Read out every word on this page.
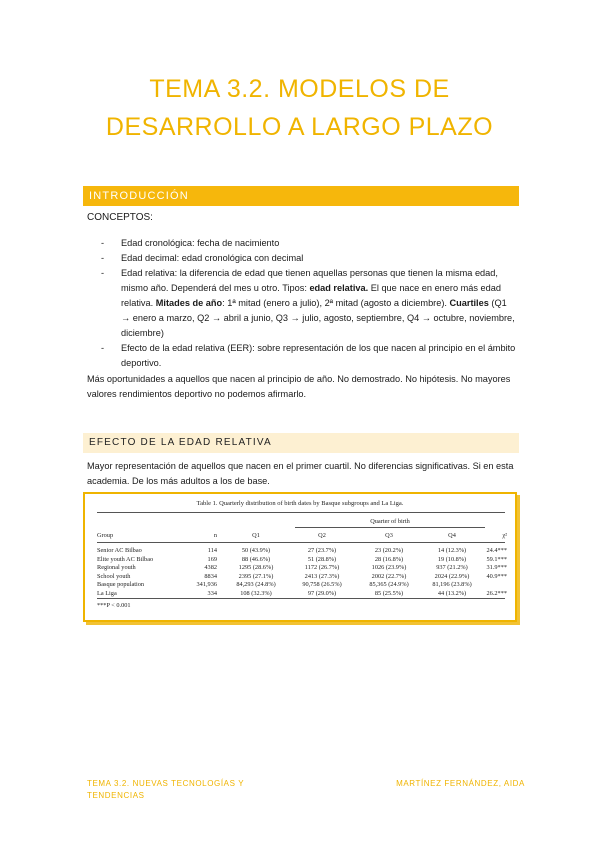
TEMA 3.2. MODELOS DE
DESARROLLO A LARGO PLAZO
INTRODUCCIÓN
CONCEPTOS:
- Edad cronológica: fecha de nacimiento
- Edad decimal: edad cronológica con decimal
- Edad relativa: la diferencia de edad que tienen aquellas personas que tienen la misma edad, mismo año. Dependerá del mes u otro. Tipos: edad relativa. El que nace en enero más edad relativa. Mitades de año: 1ª mitad (enero a julio), 2ª mitad (agosto a diciembre). Cuartiles (Q1 → enero a marzo, Q2 → abril a junio, Q3 → julio, agosto, septiembre, Q4 → octubre, noviembre, diciembre)
- Efecto de la edad relativa (EER): sobre representación de los que nacen al principio en el ámbito deportivo.
Más oportunidades a aquellos que nacen al principio de año. No demostrado. No hipótesis. No mayores valores rendimientos deportivo no podemos afirmarlo.
EFECTO DE LA EDAD RELATIVA
Mayor representación de aquellos que nacen en el primer cuartil. No diferencias significativas. Si en esta academia. De los más adultos a los de base.
Table 1. Quarterly distribution of birth dates by Basque subgroups and La Liga.
Quarter of birth
Group	n	Q1	Q2	Q3	Q4	χ²
Senior AC Bilbao	114	50 (43.9%)	27 (23.7%)	23 (20.2%)	14 (12.3%)	24.4***
Elite youth AC Bilbao	169	88 (46.6%)	51 (28.8%)	28 (16.8%)	19 (10.8%)	59.1***
Regional youth	4382	1295 (28.6%)	1172 (26.7%)	1026 (23.9%)	937 (21.2%)	31.9***
School youth	8834	2395 (27.1%)	2413 (27.3%)	2002 (22.7%)	2024 (22.9%)	40.9***
Basque population	341,936	84,293 (24.8%)	90,758 (26.5%)	85,365 (24.9%)	81,196 (23.8%)
La Liga	334	108 (32.3%)	97 (29.0%)	85 (25.5%)	44 (13.2%)	26.2***
***P < 0.001
TEMA 3.2. NUEVAS TECNOLOGÍAS Y TENDENCIAS
MARTÍNEZ FERNÁNDEZ, AIDA
